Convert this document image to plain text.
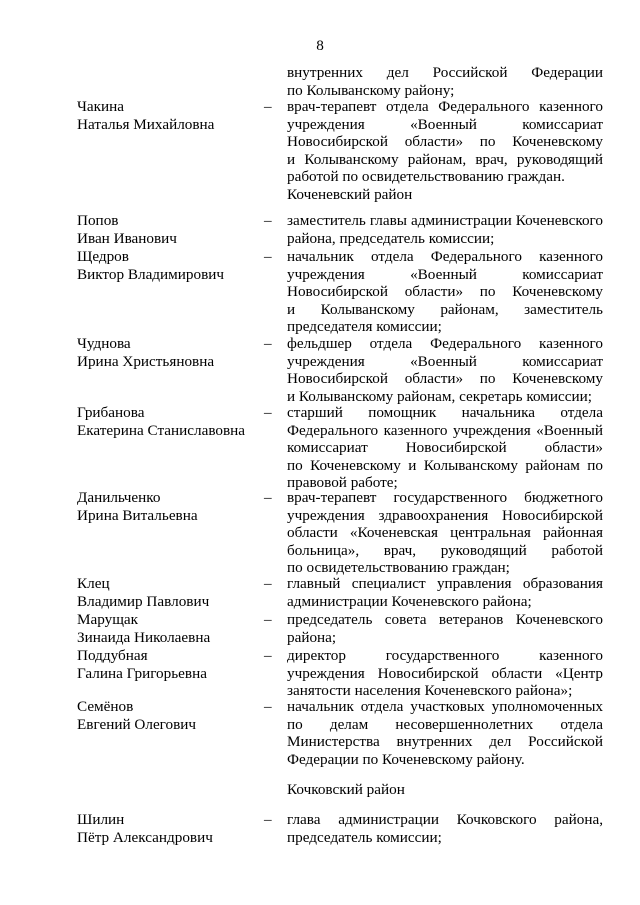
8
внутренних дел Российской Федерации
по Колыванскому району;
Чакина
Наталья Михайловна
–	врач-терапевт отдела Федерального казенного
учреждения «Военный комиссариат
Новосибирской области» по Коченевскому
и Колыванскому районам, врач, руководящий
работой по освидетельствованию граждан.
Коченевский район
Попов
Иван Иванович
–	заместитель главы администрации Коченевского
района, председатель комиссии;
Щедров
Виктор Владимирович
–	начальник отдела Федерального казенного
учреждения «Военный комиссариат
Новосибирской области» по Коченевскому
и Колыванскому районам, заместитель
председателя комиссии;
Чуднова
Ирина Христьяновна
–	фельдшер отдела Федерального казенного
учреждения «Военный комиссариат
Новосибирской области» по Коченевскому
и Колыванскому районам, секретарь комиссии;
Грибанова
Екатерина Станиславовна
–	старший помощник начальника отдела
Федерального казенного учреждения «Военный
комиссариат Новосибирской области»
по Коченевскому и Колыванскому районам по
правовой работе;
Данильченко
Ирина Витальевна
–	врач-терапевт государственного бюджетного
учреждения здравоохранения Новосибирской
области «Коченевская центральная районная
больница», врач, руководящий работой
по освидетельствованию граждан;
Клец
Владимир Павлович
–	главный специалист управления образования
администрации Коченевского района;
Марущак
Зинаида Николаевна
–	председатель совета ветеранов Коченевского
района;
Поддубная
Галина Григорьевна
–	директор государственного казенного
учреждения Новосибирской области «Центр
занятости населения Коченевского района»;
Семёнов
Евгений Олегович
–	начальник отдела участковых уполномоченных
по делам несовершеннолетних отдела
Министерства внутренних дел Российской
Федерации по Коченевскому району.
Кочковский район
Шилин
Пётр Александрович
–	глава администрации Кочковского района,
председатель комиссии;
